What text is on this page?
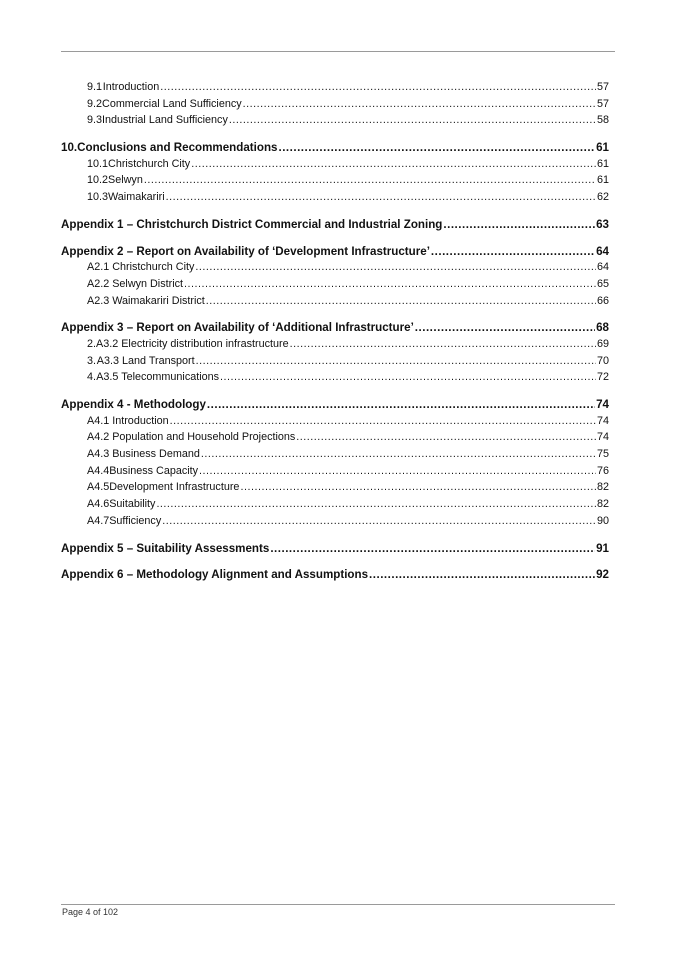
9.1 Introduction .....	57
9.2 Commercial Land Sufficiency .....	57
9.3 Industrial Land Sufficiency .....	58
10. Conclusions and Recommendations .....	61
10.1 Christchurch City .....	61
10.2 Selwyn .....	61
10.3 Waimakariri .....	62
Appendix 1 – Christchurch District Commercial and Industrial Zoning .....	63
Appendix 2 – Report on Availability of ‘Development Infrastructure’ .....	64
A2.1 Christchurch City .....	64
A2.2 Selwyn District .....	65
A2.3 Waimakariri District .....	66
Appendix 3 – Report on Availability of ‘Additional Infrastructure’ .....	68
2. A3.2 Electricity distribution infrastructure .....	69
3. A3.3 Land Transport .....	70
4. A3.5 Telecommunications .....	72
Appendix 4 - Methodology .....	74
A4.1 Introduction .....	74
A4.2 Population and Household Projections .....	74
A4.3 Business Demand .....	75
A4.4 Business Capacity .....	76
A4.5 Development Infrastructure .....	82
A4.6 Suitability .....	82
A4.7 Sufficiency .....	90
Appendix 5 – Suitability Assessments .....	91
Appendix 6 – Methodology Alignment and Assumptions .....	92
Page 4 of 102
